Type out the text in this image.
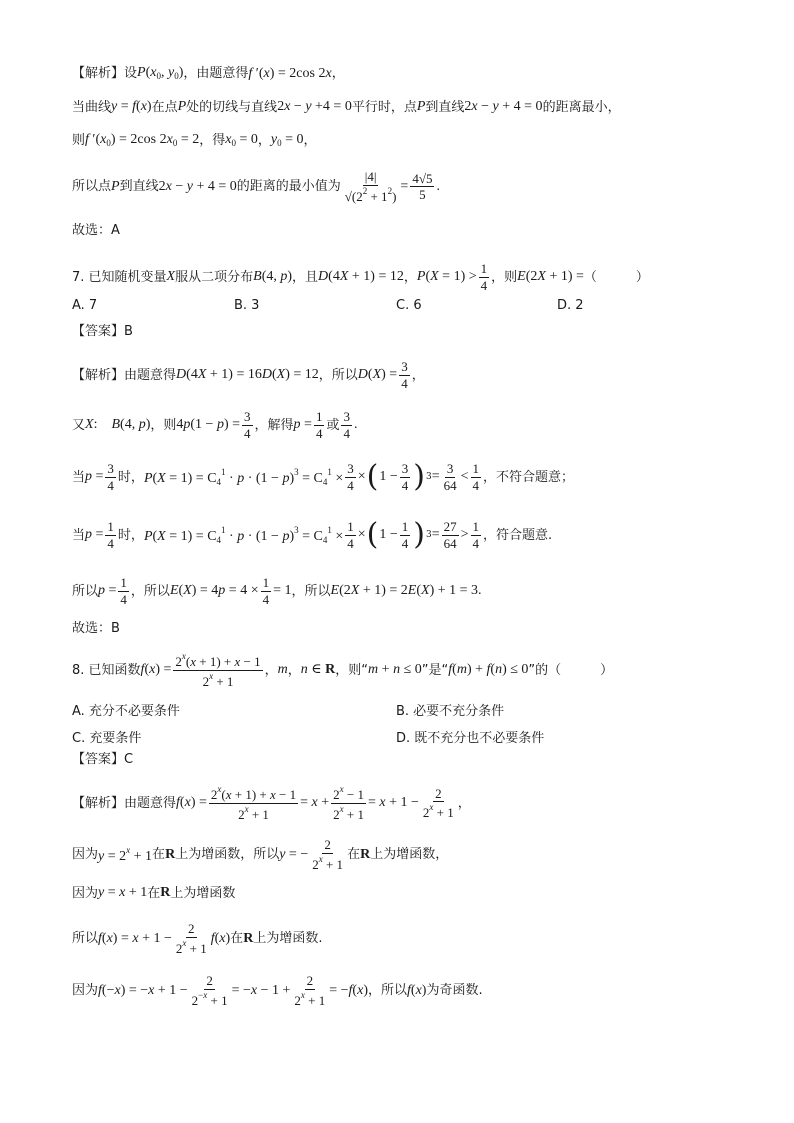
【解析】 设 $P(x_0$, $y_0$) ，由题意得 f ′(x) = 2cos 2x ，
当曲线 y = f(x) 在点 P 处的切线与直线 2x − y +4 = 0 平行时，点 P 到直线 2x − y + 4 = 0 的距离最小，
则 f $'(x_0) = 2\cos$ $2x_0 = 2$ ，得 $x_0 = 0$ ， $y_0 = 0$ ，
所以点 P 到直线 2x − y + 4 = 0 的距离的最小值为 $\frac{|4|}{√(2^2 + 1^2)} = \frac{4√5}{5}$ .
故选：A
7. 已知随机变量 X 服从二项分布 B(4, p) ，且 D(4X + 1) = 12 ， $P(X = 1) > \frac{1}{4}$ ，则 E(2X + 1) = （　　　）
A. 7	B. 3	C. 6	D. 2
【答案】 B
【解析】 由题意得 D(4X + 1) = 16D(X) = 12 ，所以 $D(X) = \frac{3}{4}$ ，
又 X:　B(4, p) ，则 $4p(1 - p) = \frac{3}{4}$ ，解得 $p = \frac{1}{4}$ 或 $\frac{3}{4}$ .
当 $p = \frac{3}{4}$ 时， $P(X = 1) = C_4^1 \cdot p \cdot (1 - p)^3 = C_4^1 \times \frac{3}{4}$ × ( $1 - \frac{3}{4}$ ) $3 = \frac{3}{64} < \frac{1}{4}$ ，不符合题意；
当 $p = \frac{1}{4}$ 时， $P(X = 1) = C_4^1 \cdot p \cdot (1 - p)^3 = C_4^1 \times \frac{1}{4}$ × ( $1 - \frac{1}{4}$ ) $3 = \frac{27}{64} > \frac{1}{4}$ ，符合题意.
所以 $p = \frac{1}{4}$ ，所以 $E(X) = 4p = 4 \times \frac{1}{4} = 1$ ，所以 E(2X + 1) = 2E(X) + 1 = 3 .
故选：B
8. 已知函数 $f(x) = \frac{2^x(x + 1) + x - 1}{2^x + 1}$ ， m ， n ∈ R ，则“ m + n ≤ 0 ”是“ f(m) + f(n) ≤ 0 ”的（　　　）
A. 充分不必要条件	B. 必要不充分条件
C. 充要条件	D. 既不充分也不必要条件
【答案】 C
【解析】 由题意得 $f(x) = \frac{2^x(x + 1) + x - 1}{2^x + 1} = x + \frac{2^x - 1}{2^x + 1} = x + 1 - \frac{2}{2^x + 1}$ ，
因为 $y = 2^x + 1$ 在 R 上为增函数，所以 y = − $\frac{2}{2^x + 1}$ 在 R 上为增函数，
因为 y = x + 1 在 R 上为增函数
所以 $f(x) = x + 1 - \frac{2}{2^x + 1} f(x)$ 在 R 上为增函数.
因为 $f(-x) = -x + 1 - \frac{2}{2^{-x} + 1} = -x - 1 + \frac{2}{2^x + 1} = -f(x)$ ，所以 f(x) 为奇函数.
